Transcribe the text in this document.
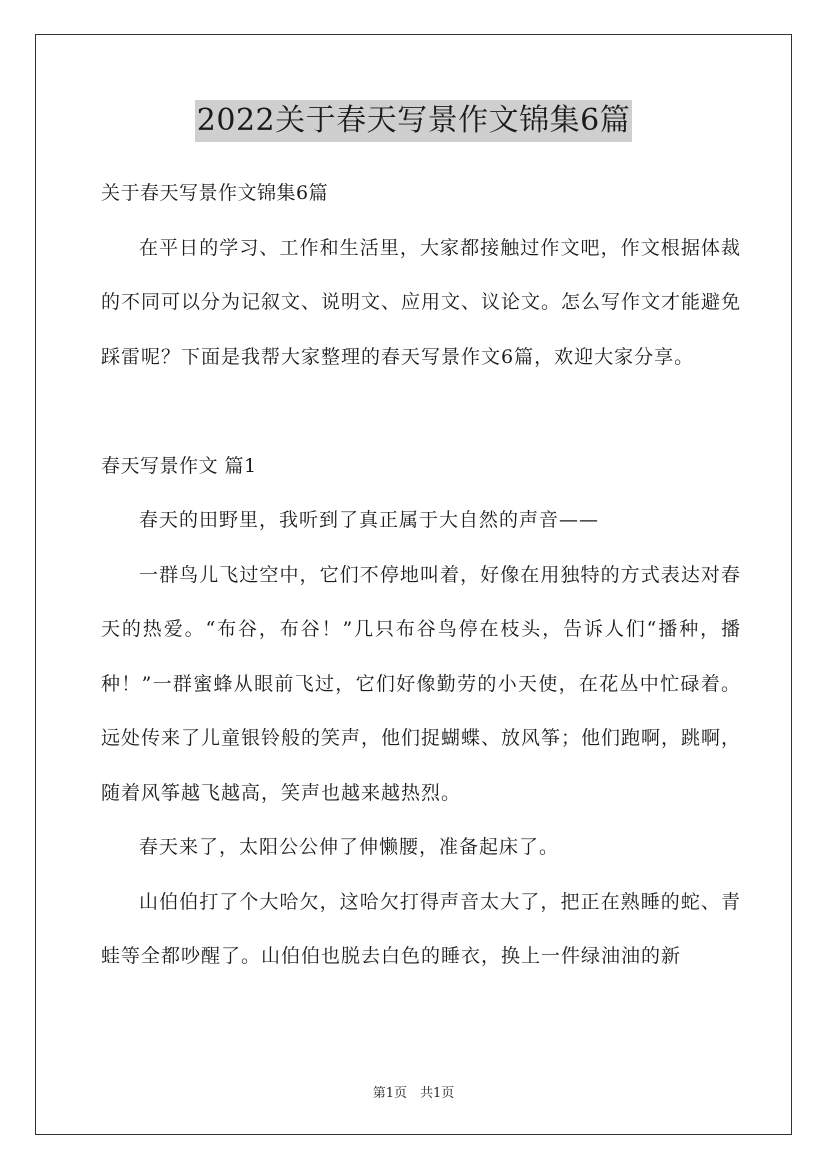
2022关于春天写景作文锦集6篇

关于春天写景作文锦集6篇

在平日的学习、工作和生活里，大家都接触过作文吧，作文根据体裁的不同可以分为记叙文、说明文、应用文、议论文。怎么写作文才能避免踩雷呢？下面是我帮大家整理的春天写景作文6篇，欢迎大家分享。

春天写景作文 篇1

春天的田野里，我听到了真正属于大自然的声音——

一群鸟儿飞过空中，它们不停地叫着，好像在用独特的方式表达对春天的热爱。“布谷，布谷！”几只布谷鸟停在枝头，告诉人们“播种，播种！”一群蜜蜂从眼前飞过，它们好像勤劳的小天使，在花丛中忙碌着。远处传来了儿童银铃般的笑声，他们捉蝴蝶、放风筝；他们跑啊，跳啊，随着风筝越飞越高，笑声也越来越热烈。

春天来了，太阳公公伸了伸懒腰，准备起床了。

山伯伯打了个大哈欠，这哈欠打得声音太大了，把正在熟睡的蛇、青蛙等全都吵醒了。山伯伯也脱去白色的睡衣，换上一件绿油油的新

第1页　共1页
